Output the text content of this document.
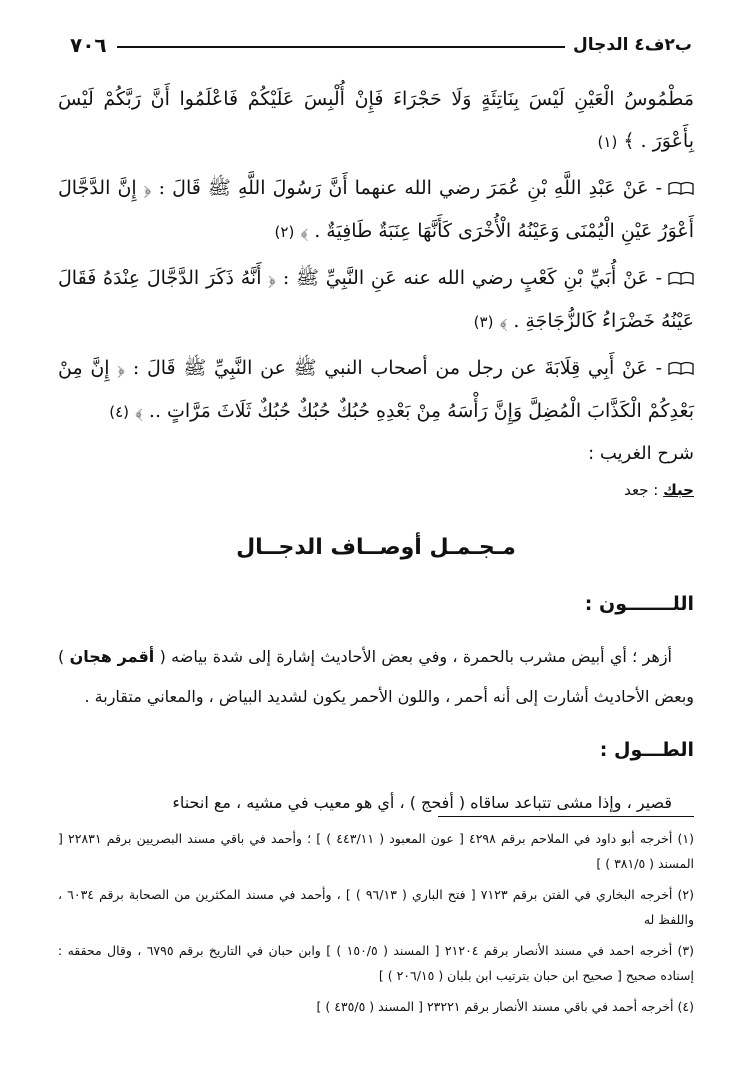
ب٢ف٤ الدجال
٧٠٦

مَطْمُوسُ الْعَيْنِ لَيْسَ بِنَاتِئَةٍ وَلَا حَجْرَاءَ فَإِنْ أُلْبِسَ عَلَيْكُمْ فَاعْلَمُوا أَنَّ رَبَّكُمْ لَيْسَ بِأَعْوَرَ . ﴾ (١)

- عَنْ عَبْدِ اللَّهِ بْنِ عُمَرَ رضي الله عنهما أَنَّ رَسُولَ اللَّهِ ﷺ قَالَ : ﴿ إِنَّ الدَّجَّالَ أَعْوَرُ عَيْنِ الْيُمْنَى وَعَيْنُهُ الْأُخْرَى كَأَنَّهَا عِنَبَةٌ طَافِيَةٌ . ﴾ (٢)

- عَنْ أُبَيِّ بْنِ كَعْبٍ رضي الله عنه عَنِ النَّبِيِّ ﷺ : ﴿ أَنَّهُ ذَكَرَ الدَّجَّالَ عِنْدَهُ فَقَالَ عَيْنُهُ خَضْرَاءُ كَالزُّجَاجَةِ . ﴾ (٣)

- عَنْ أَبِي قِلَابَةَ عن رجل من أصحاب النبي ﷺ عن النَّبِيِّ ﷺ قَالَ : ﴿ إِنَّ مِنْ بَعْدِكُمْ الْكَذَّابَ الْمُضِلَّ وَإِنَّ رَأْسَهُ مِنْ بَعْدِهِ حُبُكٌ حُبُكٌ حُبُكٌ ثَلَاثَ مَرَّاتٍ .. ﴾ (٤)

شرح الغريب :
حبك : جعد
مـجـمـل أوصــاف الدجــال
اللـــــــون :

أزهر ؛ أي أبيض مشرب بالحمرة ، وفي بعض الأحاديث إشارة إلى شدة بياضه ( أقمر هجان ) وبعض الأحاديث أشارت إلى أنه أحمر ، واللون الأحمر يكون لشديد البياض ، والمعاني متقاربة .

الطـــول :

قصير ، وإذا مشى تتباعد ساقاه ( أفحج ) ، أي هو معيب في مشيه ، مع انحناء

(١) أخرجه أبو داود في الملاحم برقم ٤٢٩٨ [ عون المعبود ( ٤٤٣/١١ ) ] ؛ وأحمد في باقي مسند البصريين برقم ٢٢٨٣١ [ المسند ( ٣٨١/٥ ) ]

(٢) أخرجه البخاري في الفتن برقم ٧١٢٣ [ فتح الباري ( ٩٦/١٣ ) ] ، وأحمد في مسند المكثرين من الصحابة برقم ٦٠٣٤ ، واللفظ له

(٣) أخرجه احمد في مسند الأنصار برقم ٢١٢٠٤ [ المسند ( ١٥٠/٥ ) ] وابن حبان في التاريخ برقم ٦٧٩٥ ، وقال محققه : إسناده صحيح [ صحيح ابن حبان بترتيب ابن بلبان ( ٢٠٦/١٥ ) ]

(٤) أخرجه أحمد في باقي مسند الأنصار برقم ٢٣٢٢١ [ المسند ( ٤٣٥/٥ ) ]
